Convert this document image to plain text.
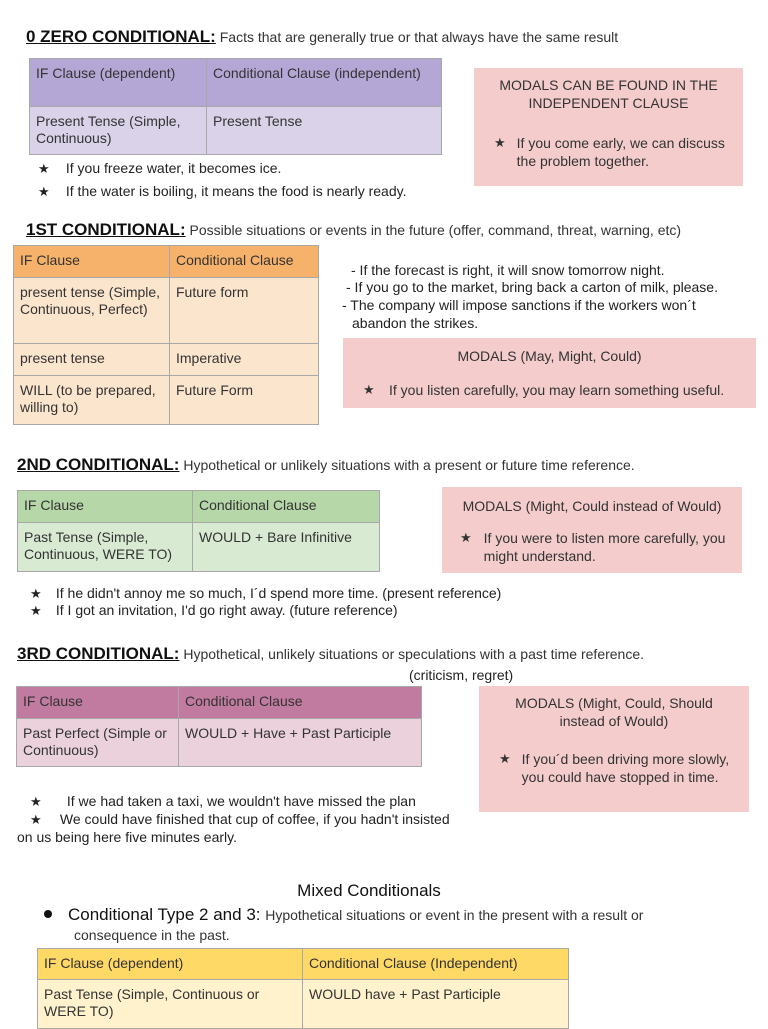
0 ZERO CONDITIONAL: Facts that are generally true or that always have the same result
IF Clause (dependent)	Conditional Clause (independent)
Present Tense (Simple, Continuous)	Present Tense
★ If you freeze water, it becomes ice.
★ If the water is boiling, it means the food is nearly ready.
MODALS CAN BE FOUND IN THE INDEPENDENT CLAUSE
★ If you come early, we can discuss the problem together.
1ST CONDITIONAL: Possible situations or events in the future (offer, command, threat, warning, etc)
IF Clause	Conditional Clause
present tense (Simple, Continuous, Perfect)	Future form
present tense	Imperative
WILL (to be prepared, willing to)	Future Form
- If the forecast is right, it will snow tomorrow night.
- If you go to the market, bring back a carton of milk, please.
- The company will impose sanctions if the workers won´t
abandon the strikes.
MODALS (May, Might, Could)
★	If you listen carefully, you may learn something useful.
2ND CONDITIONAL: Hypothetical or unlikely situations with a present or future time reference.
IF Clause	Conditional Clause
Past Tense (Simple, Continuous, WERE TO)	WOULD + Bare Infinitive
MODALS (Might, Could instead of Would)
★ If you were to listen more carefully, you might understand.
★ If he didn't annoy me so much, I´d spend more time. (present reference)
★ If I got an invitation, I'd go right away. (future reference)
3RD CONDITIONAL: Hypothetical, unlikely situations or speculations with a past time reference.
(criticism, regret)
IF Clause	Conditional Clause
Past Perfect (Simple or Continuous)	WOULD + Have + Past Participle
MODALS (Might, Could, Should instead of Would)
★ If you´d been driving more slowly, you could have stopped in time.
★ If we had taken a taxi, we wouldn't have missed the plan
★ We could have finished that cup of coffee, if you hadn't insisted
on us being here five minutes early.
Mixed Conditionals
Conditional Type 2 and 3: Hypothetical situations or event in the present with a result or
consequence in the past.
IF Clause (dependent)	Conditional Clause (Independent)
Past Tense (Simple, Continuous or WERE TO)	WOULD have + Past Participle
